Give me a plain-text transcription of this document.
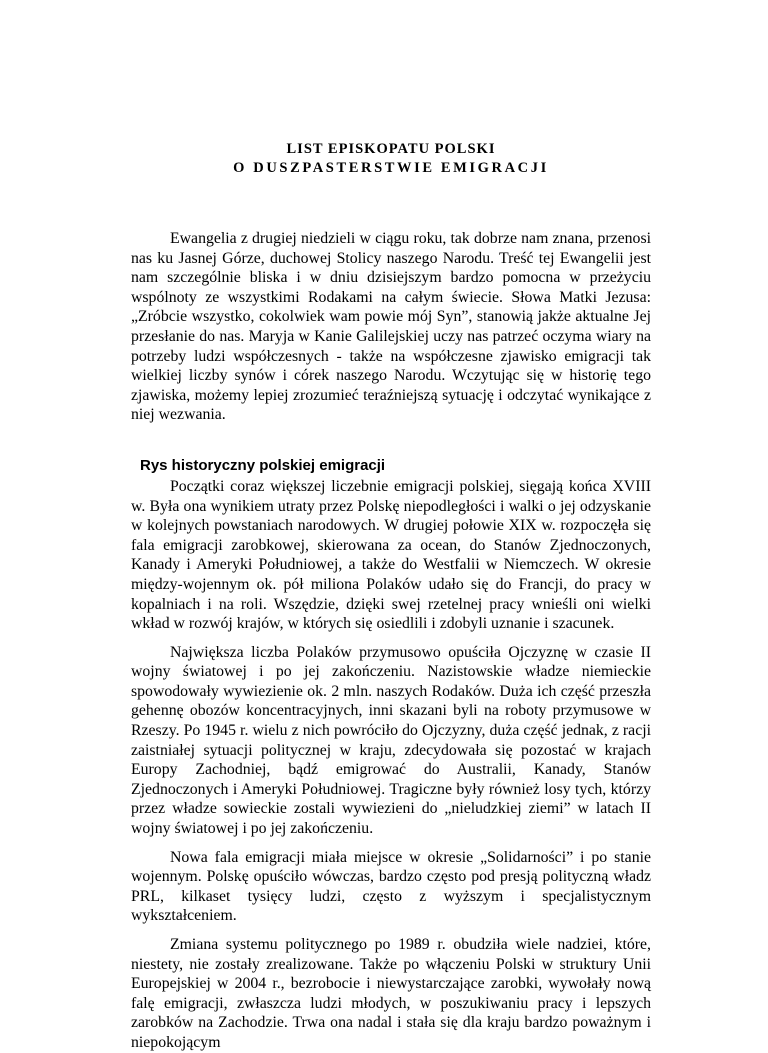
LIST EPISKOPATU POLSKI
O DUSZPASTERSTWIE EMIGRACJI

Ewangelia z drugiej niedzieli w ciągu roku, tak dobrze nam znana, przenosi nas ku Jasnej Górze, duchowej Stolicy naszego Narodu. Treść tej Ewangelii jest nam szczególnie bliska i w dniu dzisiejszym bardzo pomocna w przeżyciu wspólnoty ze wszystkimi Rodakami na całym świecie. Słowa Matki Jezusa: „Zróbcie wszystko, cokolwiek wam powie mój Syn”, stanowią jakże aktualne Jej przesłanie do nas. Maryja w Kanie Galilejskiej uczy nas patrzeć oczyma wiary na potrzeby ludzi współczesnych - także na współczesne zjawisko emigracji tak wielkiej liczby synów i córek naszego Narodu. Wczytując się w historię tego zjawiska, możemy lepiej zrozumieć teraźniejszą sytuację i odczytać wynikające z niej wezwania.

Rys historyczny polskiej emigracji

Początki coraz większej liczebnie emigracji polskiej, sięgają końca XVIII w. Była ona wynikiem utraty przez Polskę niepodległości i walki o jej odzyskanie w kolejnych powstaniach narodowych. W drugiej połowie XIX w. rozpoczęła się fala emigracji zarobkowej, skierowana za ocean, do Stanów Zjednoczonych, Kanady i Ameryki Południowej, a także do Westfalii w Niemczech. W okresie między-wojennym ok. pół miliona Polaków udało się do Francji, do pracy w kopalniach i na roli. Wszędzie, dzięki swej rzetelnej pracy wnieśli oni wielki wkład w rozwój krajów, w których się osiedlili i zdobyli uznanie i szacunek.

Największa liczba Polaków przymusowo opuściła Ojczyznę w czasie II wojny światowej i po jej zakończeniu. Nazistowskie władze niemieckie spowodowały wywiezienie ok. 2 mln. naszych Rodaków. Duża ich część przeszła gehennę obozów koncentracyjnych, inni skazani byli na roboty przymusowe w Rzeszy. Po 1945 r. wielu z nich powróciło do Ojczyzny, duża część jednak, z racji zaistniałej sytuacji politycznej w kraju, zdecydowała się pozostać w krajach Europy Zachodniej, bądź emigrować do Australii, Kanady, Stanów Zjednoczonych i Ameryki Południowej. Tragiczne były również losy tych, którzy przez władze sowieckie zostali wywiezieni do „nieludzkiej ziemi” w latach II wojny światowej i po jej zakończeniu.

Nowa fala emigracji miała miejsce w okresie „Solidarności” i po stanie wojennym. Polskę opuściło wówczas, bardzo często pod presją polityczną władz PRL, kilkaset tysięcy ludzi, często z wyższym i specjalistycznym wykształceniem.

Zmiana systemu politycznego po 1989 r. obudziła wiele nadziei, które, niestety, nie zostały zrealizowane. Także po włączeniu Polski w struktury Unii Europejskiej w 2004 r., bezrobocie i niewystarczające zarobki, wywołały nową falę emigracji, zwłaszcza ludzi młodych, w poszukiwaniu pracy i lepszych zarobków na Zachodzie. Trwa ona nadal i stała się dla kraju bardzo poważnym i niepokojącym
